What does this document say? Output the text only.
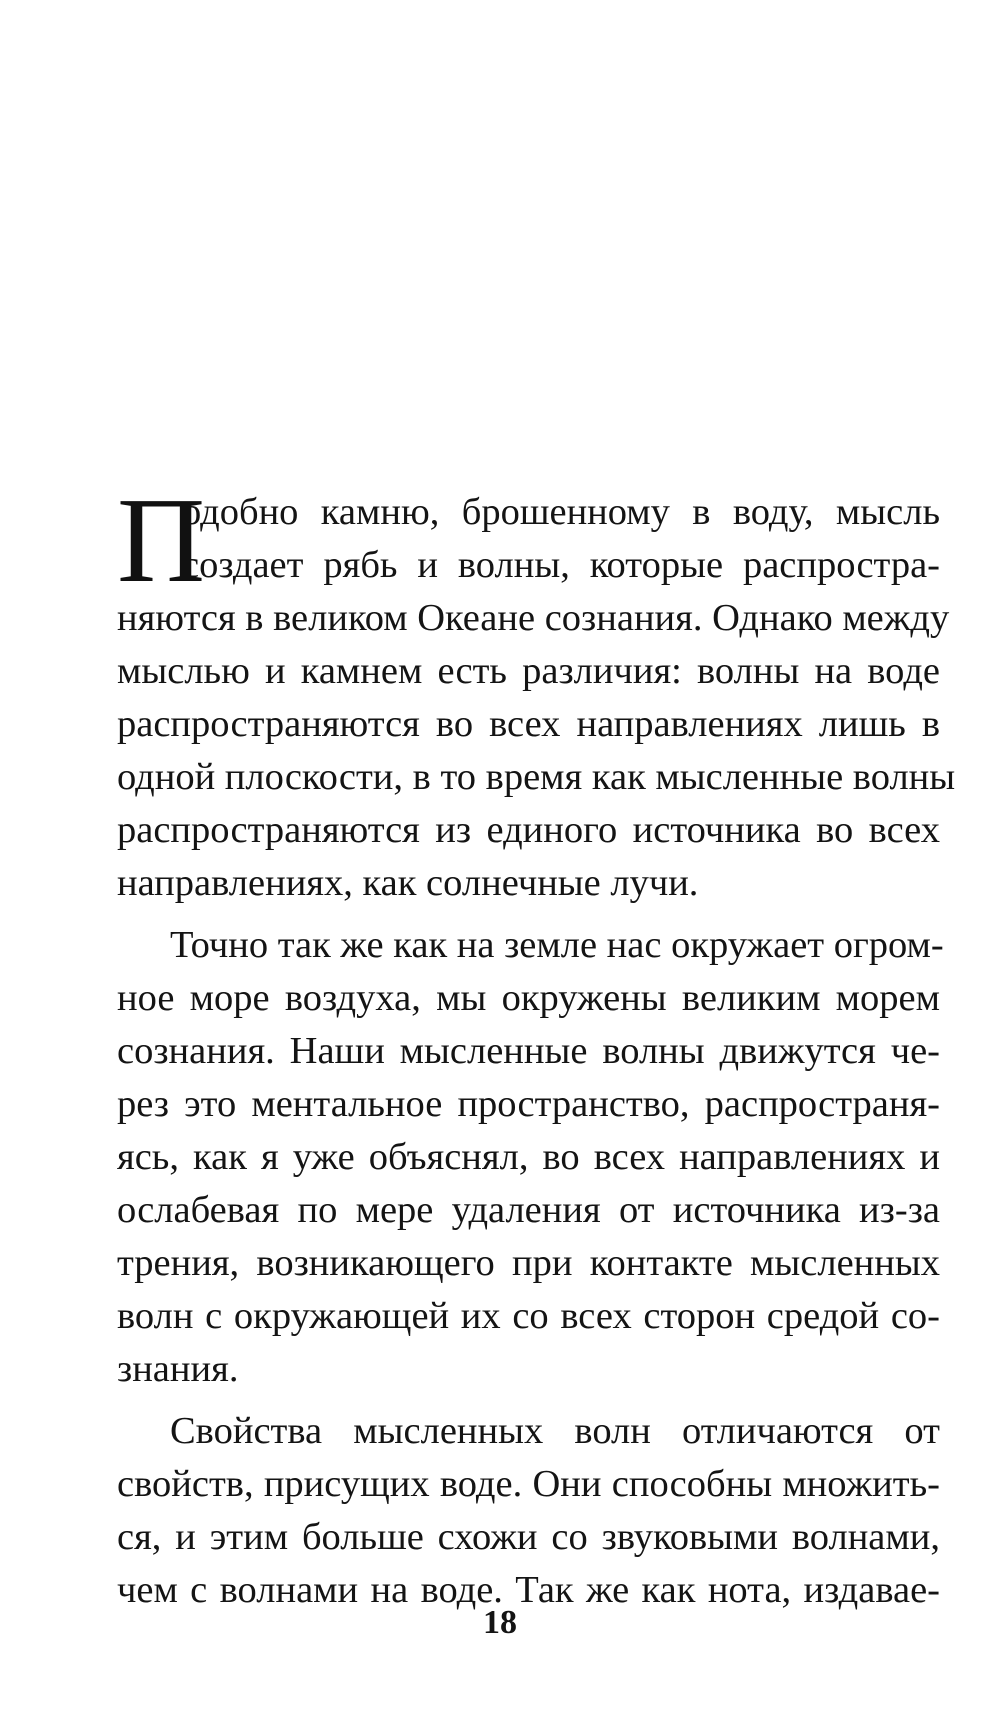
П
одобно камню, брошенному в воду, мысль
создает рябь и волны, которые распростра-
няются в великом Океане сознания. Однако между
мыслью и камнем есть различия: волны на воде
распространяются во всех направлениях лишь в
одной плоскости, в то время как мысленные волны
распространяются из единого источника во всех
направлениях, как солнечные лучи.
Точно так же как на земле нас окружает огром-
ное море воздуха, мы окружены великим морем
сознания. Наши мысленные волны движутся че-
рез это ментальное пространство, распространя-
ясь, как я уже объяснял, во всех направлениях и
ослабевая по мере удаления от источника из-за
трения, возникающего при контакте мысленных
волн с окружающей их со всех сторон средой со-
знания.
Свойства мысленных волн отличаются от
свойств, присущих воде. Они способны множить-
ся, и этим больше схожи со звуковыми волнами,
чем с волнами на воде. Так же как нота, издавае-
18
